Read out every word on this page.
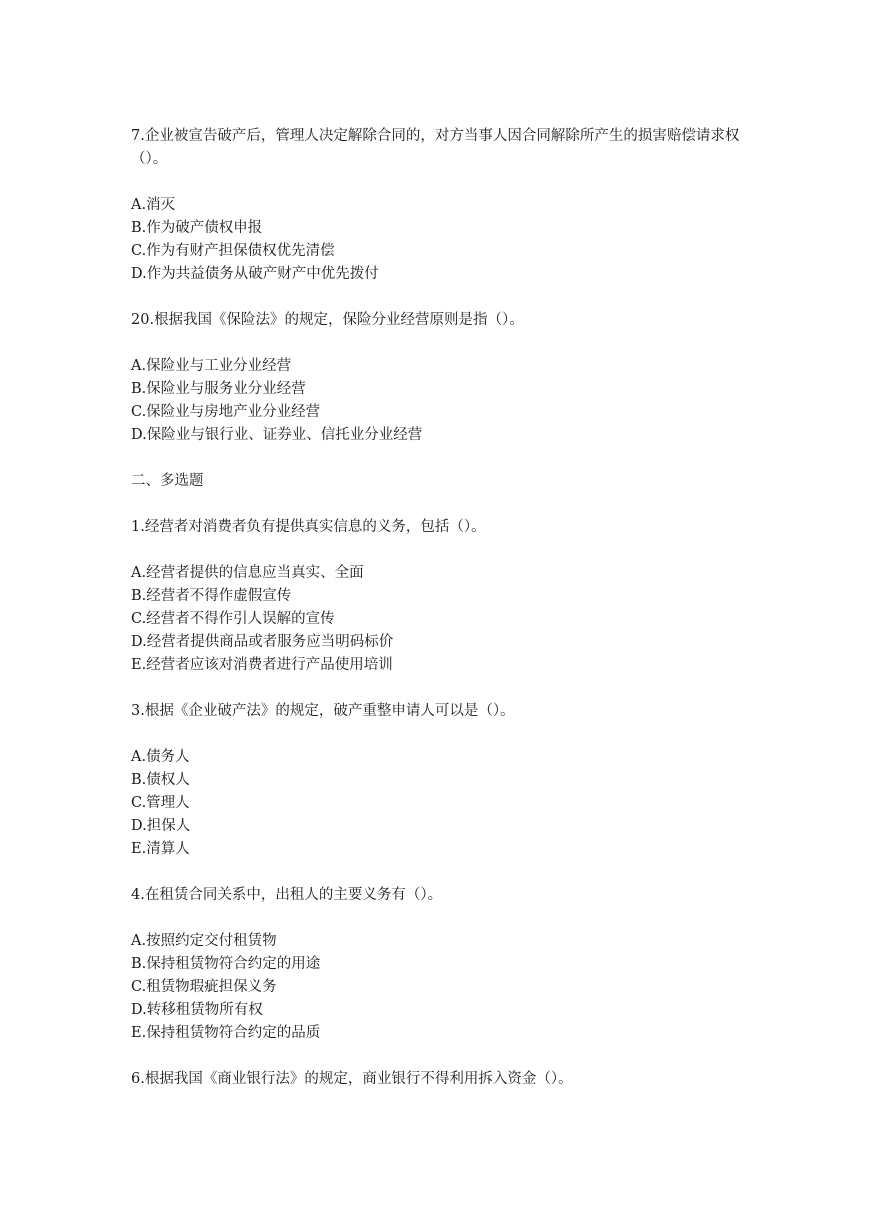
7.企业被宣告破产后，管理人决定解除合同的，对方当事人因合同解除所产生的损害赔偿请求权（）。

A.消灭
B.作为破产债权申报
C.作为有财产担保债权优先清偿
D.作为共益债务从破产财产中优先拨付

20.根据我国《保险法》的规定，保险分业经营原则是指（）。

A.保险业与工业分业经营
B.保险业与服务业分业经营
C.保险业与房地产业分业经营
D.保险业与银行业、证券业、信托业分业经营

二、多选题

1.经营者对消费者负有提供真实信息的义务，包括（）。

A.经营者提供的信息应当真实、全面
B.经营者不得作虚假宣传
C.经营者不得作引人误解的宣传
D.经营者提供商品或者服务应当明码标价
E.经营者应该对消费者进行产品使用培训

3.根据《企业破产法》的规定，破产重整申请人可以是（）。

A.债务人
B.债权人
C.管理人
D.担保人
E.清算人

4.在租赁合同关系中，出租人的主要义务有（）。

A.按照约定交付租赁物
B.保持租赁物符合约定的用途
C.租赁物瑕疵担保义务
D.转移租赁物所有权
E.保持租赁物符合约定的品质

6.根据我国《商业银行法》的规定，商业银行不得利用拆入资金（）。
